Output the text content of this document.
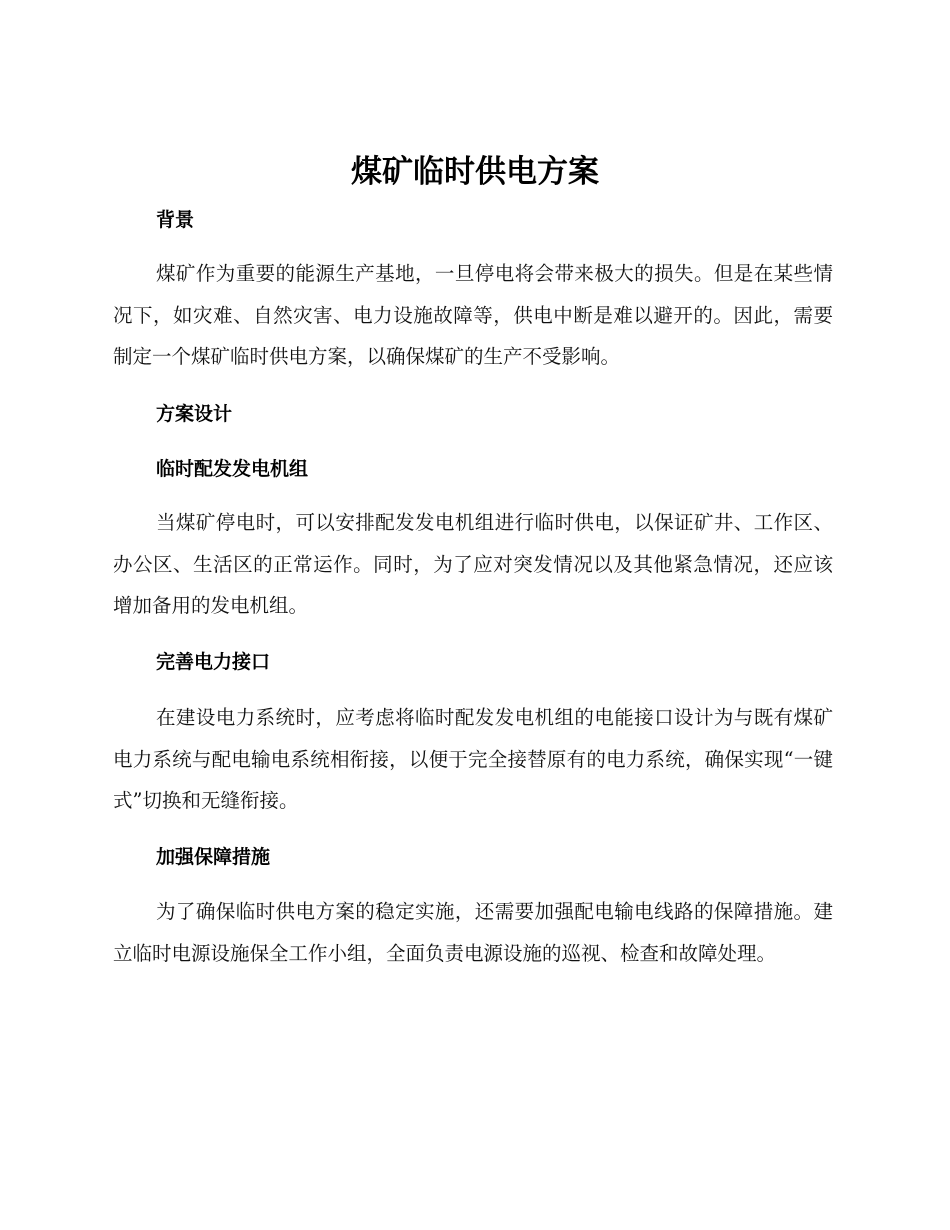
煤矿临时供电方案
背景

煤矿作为重要的能源生产基地，一旦停电将会带来极大的损失。但是在某些情况下，如灾难、自然灾害、电力设施故障等，供电中断是难以避开的。因此，需要制定一个煤矿临时供电方案，以确保煤矿的生产不受影响。

方案设计
临时配发发电机组

当煤矿停电时，可以安排配发发电机组进行临时供电，以保证矿井、工作区、办公区、生活区的正常运作。同时，为了应对突发情况以及其他紧急情况，还应该增加备用的发电机组。

完善电力接口

在建设电力系统时，应考虑将临时配发发电机组的电能接口设计为与既有煤矿电力系统与配电输电系统相衔接，以便于完全接替原有的电力系统，确保实现“一键式”切换和无缝衔接。

加强保障措施

为了确保临时供电方案的稳定实施，还需要加强配电输电线路的保障措施。建立临时电源设施保全工作小组，全面负责电源设施的巡视、检查和故障处理。
